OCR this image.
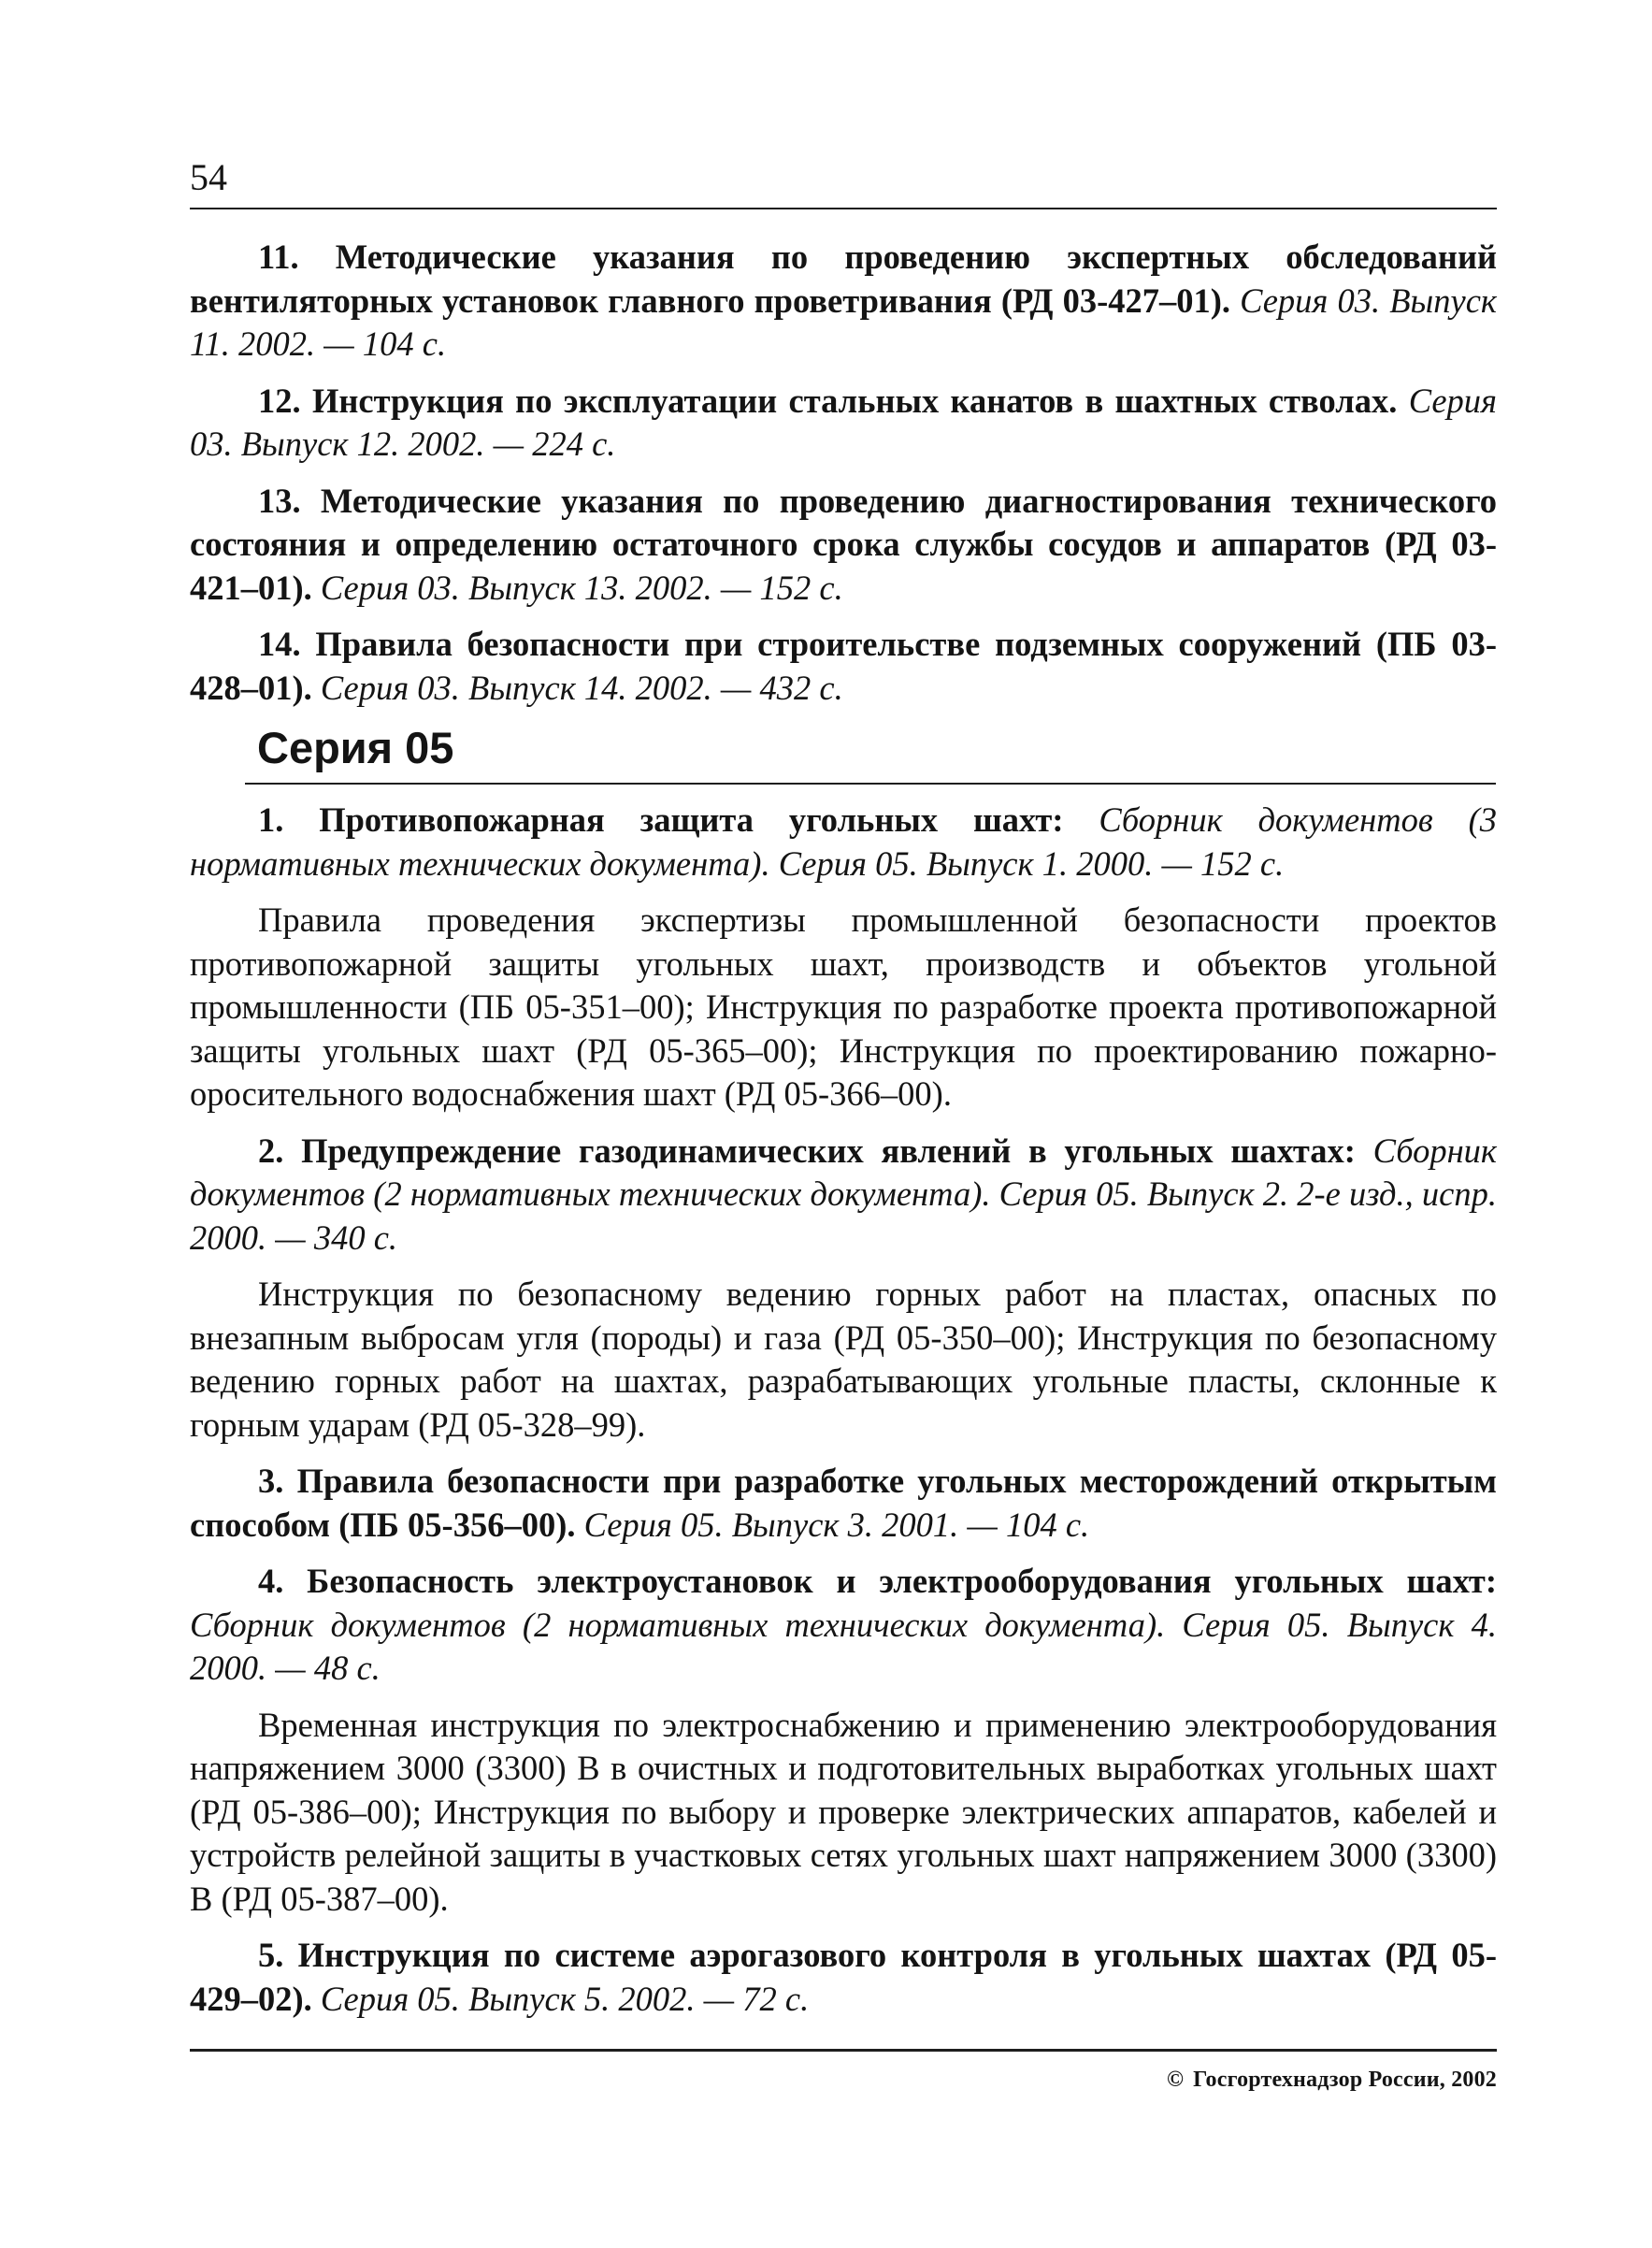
54

11. Методические указания по проведению экспертных обследований вентиляторных установок главного проветривания (РД 03-427–01). Серия 03. Выпуск 11. 2002. — 104 с.

12. Инструкция по эксплуатации стальных канатов в шахтных стволах. Серия 03. Выпуск 12. 2002. — 224 с.

13. Методические указания по проведению диагностирования технического состояния и определению остаточного срока службы сосудов и аппаратов (РД 03-421–01). Серия 03. Выпуск 13. 2002. — 152 с.

14. Правила безопасности при строительстве подземных сооружений (ПБ 03-428–01). Серия 03. Выпуск 14. 2002. — 432 с.

Серия 05

1. Противопожарная защита угольных шахт: Сборник документов (3 нормативных технических документа). Серия 05. Выпуск 1. 2000. — 152 с.

Правила проведения экспертизы промышленной безопасности проектов противопожарной защиты угольных шахт, производств и объектов угольной промышленности (ПБ 05-351–00); Инструкция по разработке проекта противопожарной защиты угольных шахт (РД 05-365–00); Инструкция по проектированию пожарно-оросительного водоснабжения шахт (РД 05-366–00).

2. Предупреждение газодинамических явлений в угольных шахтах: Сборник документов (2 нормативных технических документа). Серия 05. Выпуск 2. 2-е изд., испр. 2000. — 340 с.

Инструкция по безопасному ведению горных работ на пластах, опасных по внезапным выбросам угля (породы) и газа (РД 05-350–00); Инструкция по безопасному ведению горных работ на шахтах, разрабатывающих угольные пласты, склонные к горным ударам (РД 05-328–99).

3. Правила безопасности при разработке угольных месторождений открытым способом (ПБ 05-356–00). Серия 05. Выпуск 3. 2001. — 104 с.

4. Безопасность электроустановок и электрооборудования угольных шахт: Сборник документов (2 нормативных технических документа). Серия 05. Выпуск 4. 2000. — 48 с.

Временная инструкция по электроснабжению и применению электрооборудования напряжением 3000 (3300) В в очистных и подготовительных выработках угольных шахт (РД 05-386–00); Инструкция по выбору и проверке электрических аппаратов, кабелей и устройств релейной защиты в участковых сетях угольных шахт напряжением 3000 (3300) В (РД 05-387–00).

5. Инструкция по системе аэрогазового контроля в угольных шахтах (РД 05-429–02). Серия 05. Выпуск 5. 2002. — 72 с.

© Госгортехнадзор России, 2002
